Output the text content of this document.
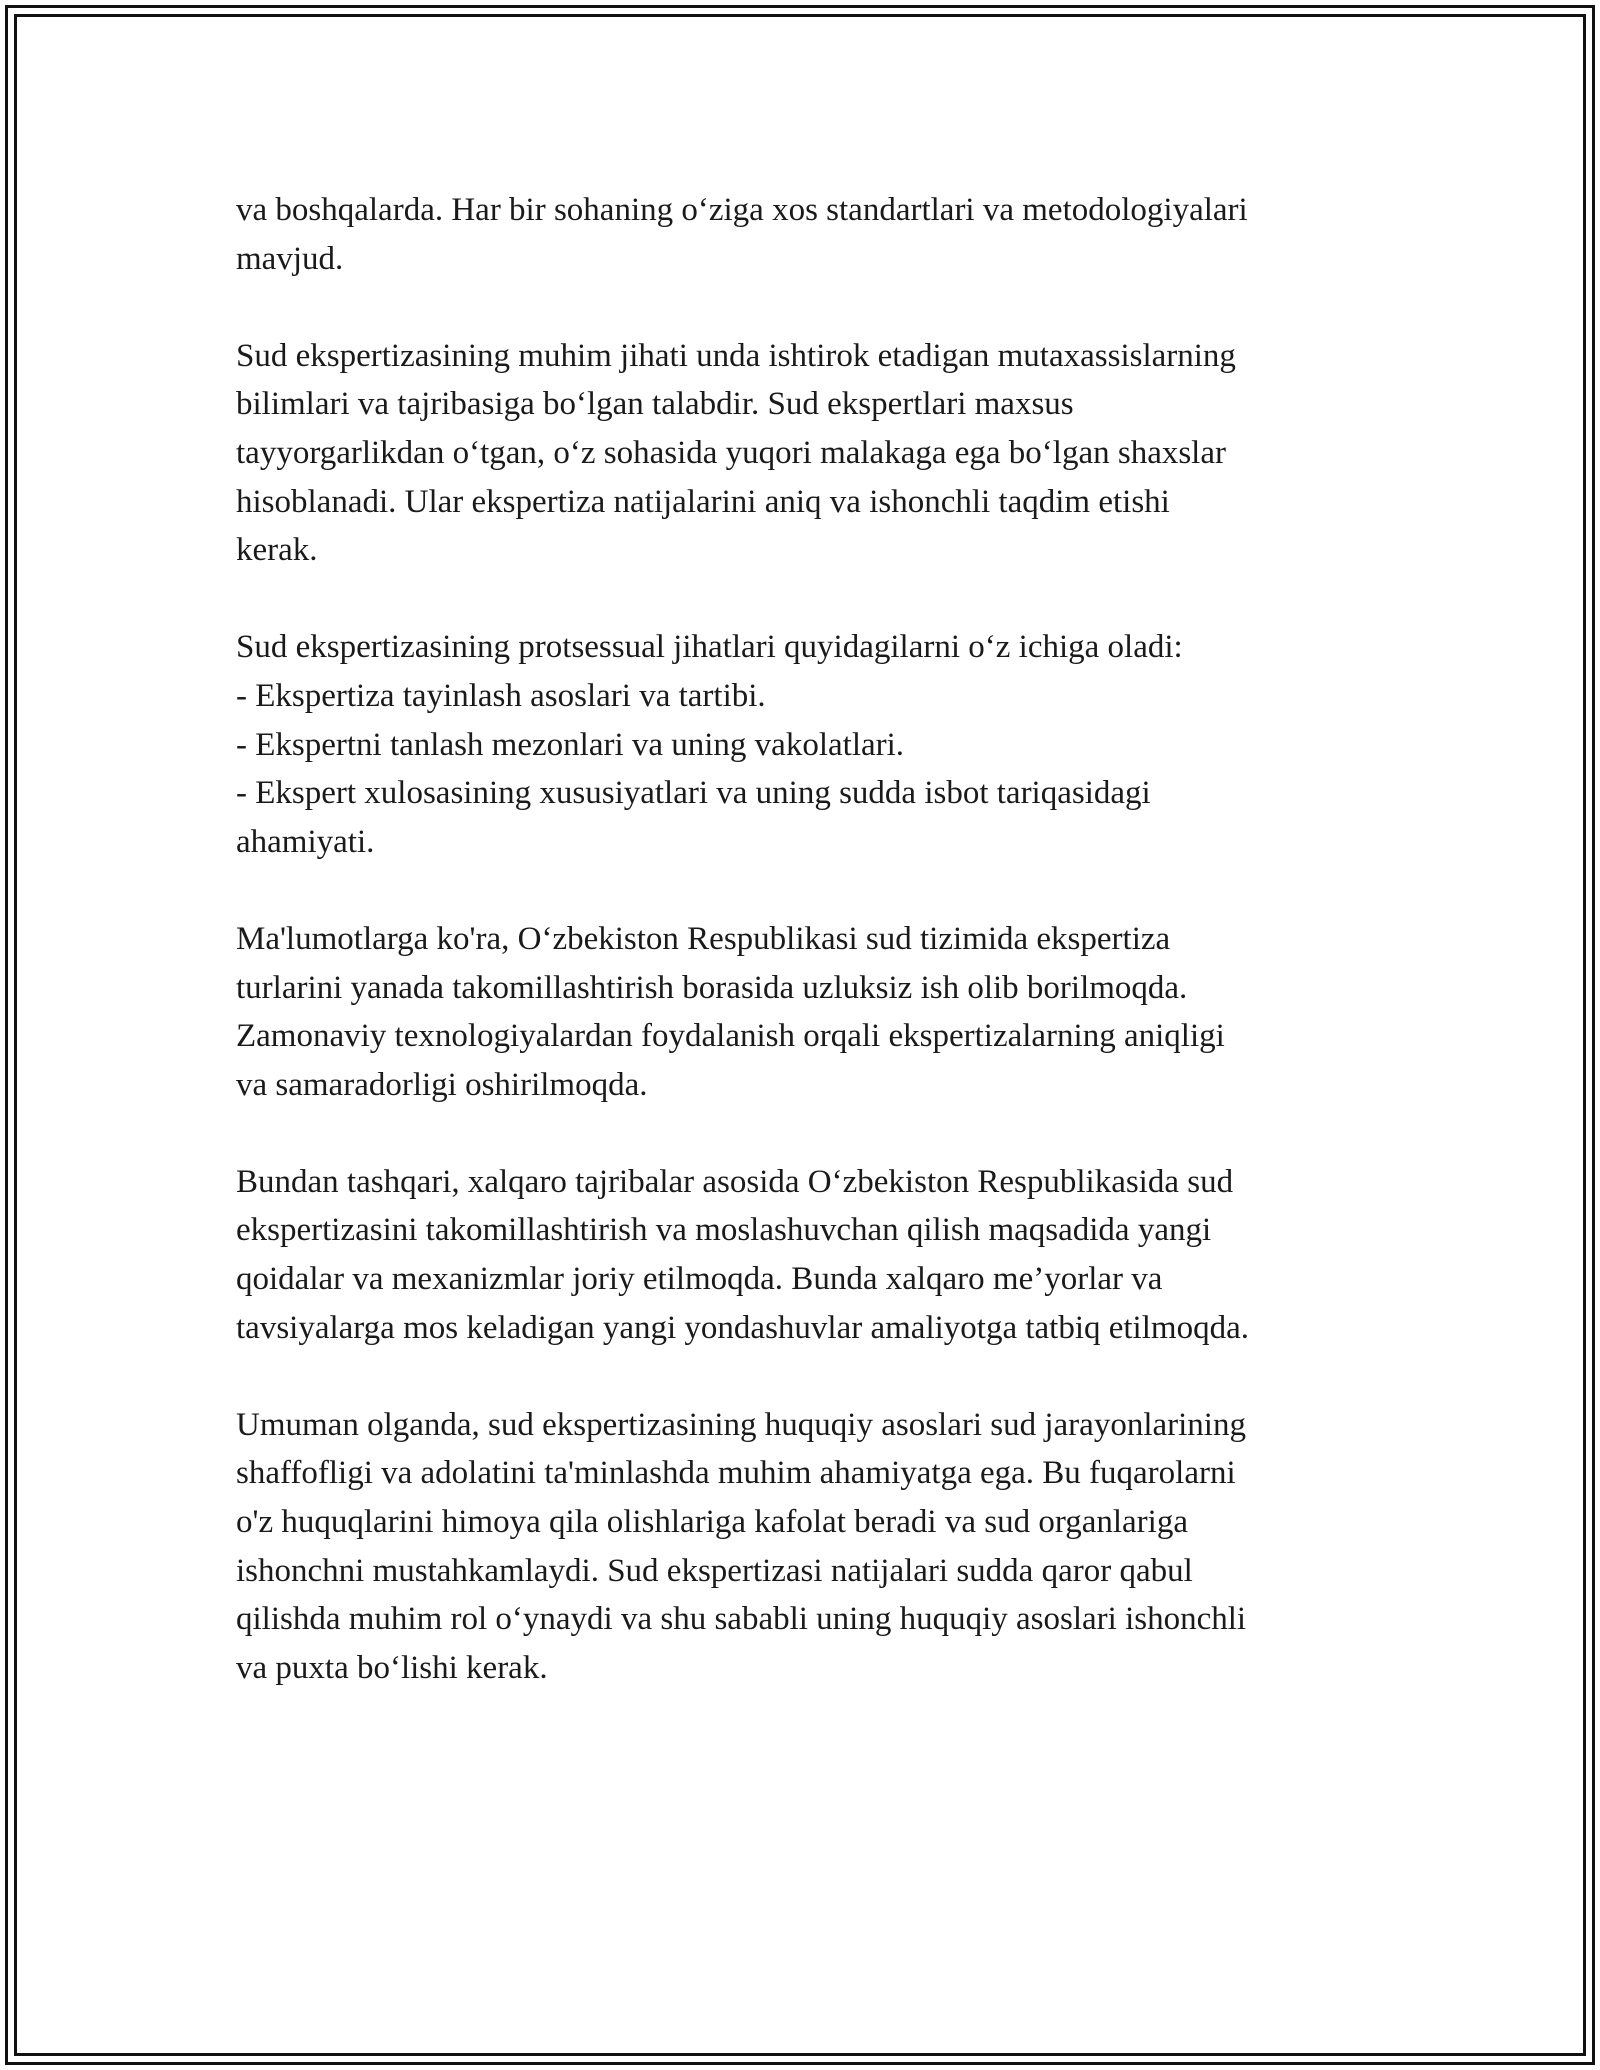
va boshqalarda. Har bir sohaning o‘ziga xos standartlari va metodologiyalari
mavjud.

Sud ekspertizasining muhim jihati unda ishtirok etadigan mutaxassislarning
bilimlari va tajribasiga bo‘lgan talabdir. Sud ekspertlari maxsus
tayyorgarlikdan o‘tgan, o‘z sohasida yuqori malakaga ega bo‘lgan shaxslar
hisoblanadi. Ular ekspertiza natijalarini aniq va ishonchli taqdim etishi
kerak.

Sud ekspertizasining protsessual jihatlari quyidagilarni o‘z ichiga oladi:
- Ekspertiza tayinlash asoslari va tartibi.
- Ekspertni tanlash mezonlari va uning vakolatlari.
- Ekspert xulosasining xususiyatlari va uning sudda isbot tariqasidagi
ahamiyati.

Ma'lumotlarga ko'ra, O‘zbekiston Respublikasi sud tizimida ekspertiza
turlarini yanada takomillashtirish borasida uzluksiz ish olib borilmoqda.
Zamonaviy texnologiyalardan foydalanish orqali ekspertizalarning aniqligi
va samaradorligi oshirilmoqda.

Bundan tashqari, xalqaro tajribalar asosida O‘zbekiston Respublikasida sud
ekspertizasini takomillashtirish va moslashuvchan qilish maqsadida yangi
qoidalar va mexanizmlar joriy etilmoqda. Bunda xalqaro me’yorlar va
tavsiyalarga mos keladigan yangi yondashuvlar amaliyotga tatbiq etilmoqda.

Umuman olganda, sud ekspertizasining huquqiy asoslari sud jarayonlarining
shaffofligi va adolatini ta'minlashda muhim ahamiyatga ega. Bu fuqarolarni
o'z huquqlarini himoya qila olishlariga kafolat beradi va sud organlariga
ishonchni mustahkamlaydi. Sud ekspertizasi natijalari sudda qaror qabul
qilishda muhim rol o‘ynaydi va shu sababli uning huquqiy asoslari ishonchli
va puxta bo‘lishi kerak.
